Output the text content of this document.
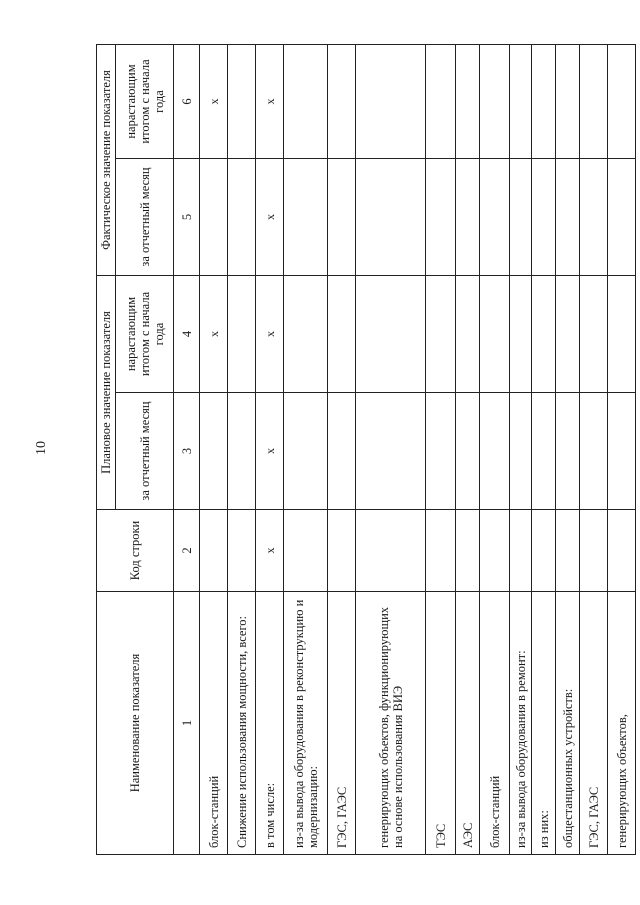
10
Наименование показателя	Код строки	Плановое значение показателя		Фактическое значение показателя	
		за отчетный месяц	нарастающим итогом с начала года	за отчетный месяц	нарастающим итогом с начала года
1	2	3	4	5	6
блок-станций			х		х
Снижение использования мощности, всего:					
в том числе:	х	х	х	х	х
из-за вывода оборудования в реконструкцию и модернизацию:					
ГЭС, ГАЭС					
генерирующих объектов, функционирующих на основе использования ВИЭ					
ТЭС					
АЭС					
блок-станций					
из-за вывода оборудования в ремонт:					
из них:					
общестанционных устройств:					
ГЭС, ГАЭС					
генерирующих объектов,					
